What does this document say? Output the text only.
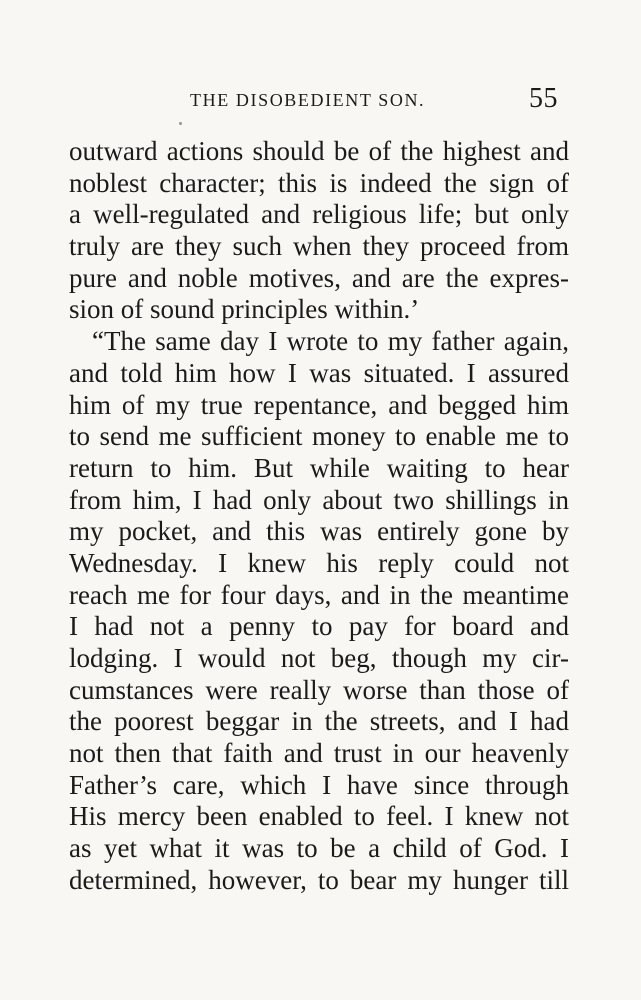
THE DISOBEDIENT SON.	55
outward actions should be of the highest and
noblest character; this is indeed the sign of
a well-regulated and religious life; but only
truly are they such when they proceed from
pure and noble motives, and are the expres-
sion of sound principles within.’
“The same day I wrote to my father again,
and told him how I was situated. I assured
him of my true repentance, and begged him
to send me sufficient money to enable me to
return to him. But while waiting to hear
from him, I had only about two shillings in
my pocket, and this was entirely gone by
Wednesday. I knew his reply could not
reach me for four days, and in the meantime
I had not a penny to pay for board and
lodging. I would not beg, though my cir-
cumstances were really worse than those of
the poorest beggar in the streets, and I had
not then that faith and trust in our heavenly
Father’s care, which I have since through
His mercy been enabled to feel. I knew not
as yet what it was to be a child of God. I
determined, however, to bear my hunger till
